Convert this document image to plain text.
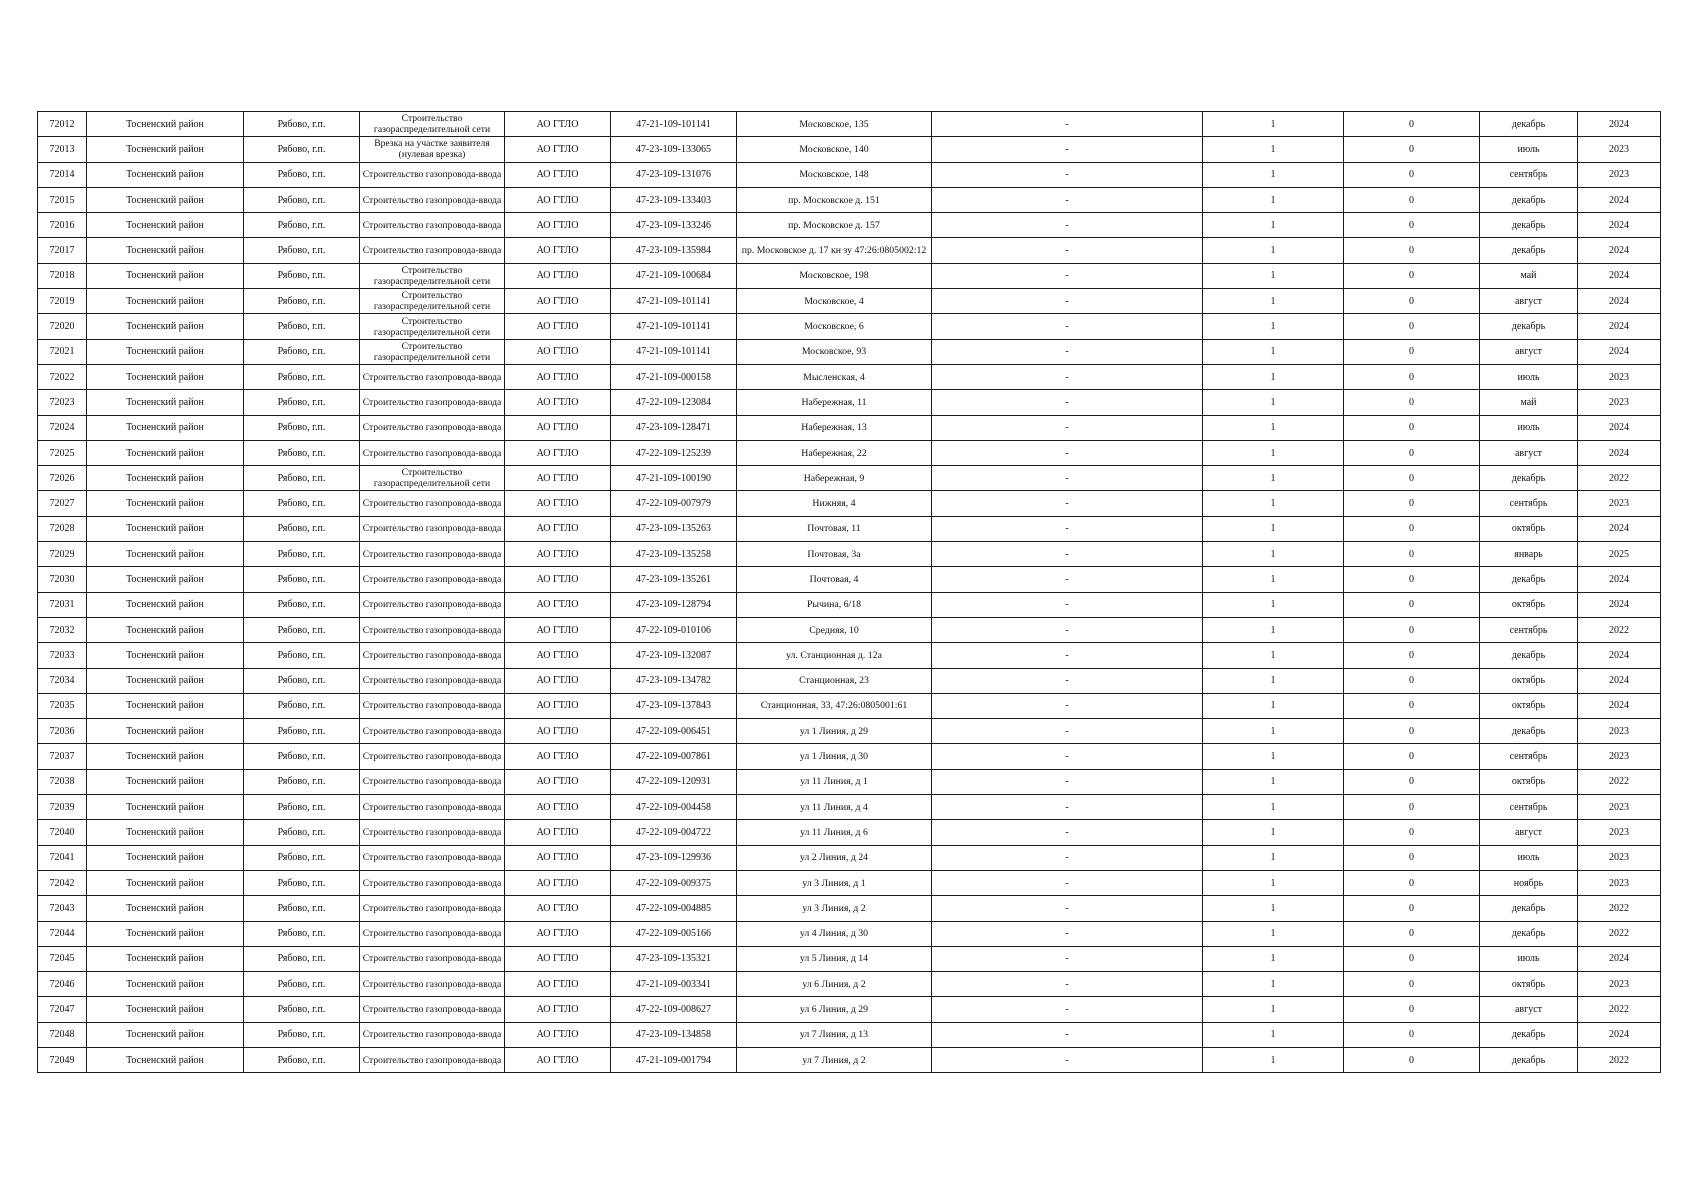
72012	Тосненский район	Рябово, г.п.	Строительство газораспределительной сети	АО ГТЛО	47-21-109-101141	Московское, 135	-	1	0	декабрь	2024
72013	Тосненский район	Рябово, г.п.	Врезка на участке заявителя (нулевая врезка)	АО ГТЛО	47-23-109-133065	Московское, 140	-	1	0	июль	2023
72014	Тосненский район	Рябово, г.п.	Строительство газопровода-ввода	АО ГТЛО	47-23-109-131076	Московское, 148	-	1	0	сентябрь	2023
72015	Тосненский район	Рябово, г.п.	Строительство газопровода-ввода	АО ГТЛО	47-23-109-133403	пр. Московское д. 151	-	1	0	декабрь	2024
72016	Тосненский район	Рябово, г.п.	Строительство газопровода-ввода	АО ГТЛО	47-23-109-133246	пр. Московское д. 157	-	1	0	декабрь	2024
72017	Тосненский район	Рябово, г.п.	Строительство газопровода-ввода	АО ГТЛО	47-23-109-135984	пр. Московское д. 17 кн зу 47:26:0805002:12	-	1	0	декабрь	2024
72018	Тосненский район	Рябово, г.п.	Строительство газораспределительной сети	АО ГТЛО	47-21-109-100684	Московское, 198	-	1	0	май	2024
72019	Тосненский район	Рябово, г.п.	Строительство газораспределительной сети	АО ГТЛО	47-21-109-101141	Московское, 4	-	1	0	август	2024
72020	Тосненский район	Рябово, г.п.	Строительство газораспределительной сети	АО ГТЛО	47-21-109-101141	Московское, 6	-	1	0	декабрь	2024
72021	Тосненский район	Рябово, г.п.	Строительство газораспределительной сети	АО ГТЛО	47-21-109-101141	Московское, 93	-	1	0	август	2024
72022	Тосненский район	Рябово, г.п.	Строительство газопровода-ввода	АО ГТЛО	47-21-109-000158	Мысленская, 4	-	1	0	июль	2023
72023	Тосненский район	Рябово, г.п.	Строительство газопровода-ввода	АО ГТЛО	47-22-109-123084	Набережная, 11	-	1	0	май	2023
72024	Тосненский район	Рябово, г.п.	Строительство газопровода-ввода	АО ГТЛО	47-23-109-128471	Набережная, 13	-	1	0	июль	2024
72025	Тосненский район	Рябово, г.п.	Строительство газопровода-ввода	АО ГТЛО	47-22-109-125239	Набережная, 22	-	1	0	август	2024
72026	Тосненский район	Рябово, г.п.	Строительство газораспределительной сети	АО ГТЛО	47-21-109-100190	Набережная, 9	-	1	0	декабрь	2022
72027	Тосненский район	Рябово, г.п.	Строительство газопровода-ввода	АО ГТЛО	47-22-109-007979	Нижняя, 4	-	1	0	сентябрь	2023
72028	Тосненский район	Рябово, г.п.	Строительство газопровода-ввода	АО ГТЛО	47-23-109-135263	Почтовая, 11	-	1	0	октябрь	2024
72029	Тосненский район	Рябово, г.п.	Строительство газопровода-ввода	АО ГТЛО	47-23-109-135258	Почтовая, 3а	-	1	0	январь	2025
72030	Тосненский район	Рябово, г.п.	Строительство газопровода-ввода	АО ГТЛО	47-23-109-135261	Почтовая, 4	-	1	0	декабрь	2024
72031	Тосненский район	Рябово, г.п.	Строительство газопровода-ввода	АО ГТЛО	47-23-109-128794	Рычина, 6/18	-	1	0	октябрь	2024
72032	Тосненский район	Рябово, г.п.	Строительство газопровода-ввода	АО ГТЛО	47-22-109-010106	Средняя, 10	-	1	0	сентябрь	2022
72033	Тосненский район	Рябово, г.п.	Строительство газопровода-ввода	АО ГТЛО	47-23-109-132087	ул. Станционная д. 12а	-	1	0	декабрь	2024
72034	Тосненский район	Рябово, г.п.	Строительство газопровода-ввода	АО ГТЛО	47-23-109-134782	Станционная, 23	-	1	0	октябрь	2024
72035	Тосненский район	Рябово, г.п.	Строительство газопровода-ввода	АО ГТЛО	47-23-109-137843	Станционная, 33, 47:26:0805001:61	-	1	0	октябрь	2024
72036	Тосненский район	Рябово, г.п.	Строительство газопровода-ввода	АО ГТЛО	47-22-109-006451	ул 1 Линия, д 29	-	1	0	декабрь	2023
72037	Тосненский район	Рябово, г.п.	Строительство газопровода-ввода	АО ГТЛО	47-22-109-007861	ул 1 Линия, д 30	-	1	0	сентябрь	2023
72038	Тосненский район	Рябово, г.п.	Строительство газопровода-ввода	АО ГТЛО	47-22-109-120931	ул 11 Линия, д 1	-	1	0	октябрь	2022
72039	Тосненский район	Рябово, г.п.	Строительство газопровода-ввода	АО ГТЛО	47-22-109-004458	ул 11 Линия, д 4	-	1	0	сентябрь	2023
72040	Тосненский район	Рябово, г.п.	Строительство газопровода-ввода	АО ГТЛО	47-22-109-004722	ул 11 Линия, д 6	-	1	0	август	2023
72041	Тосненский район	Рябово, г.п.	Строительство газопровода-ввода	АО ГТЛО	47-23-109-129936	ул 2 Линия, д 24	-	1	0	июль	2023
72042	Тосненский район	Рябово, г.п.	Строительство газопровода-ввода	АО ГТЛО	47-22-109-009375	ул 3 Линия, д 1	-	1	0	ноябрь	2023
72043	Тосненский район	Рябово, г.п.	Строительство газопровода-ввода	АО ГТЛО	47-22-109-004885	ул 3 Линия, д 2	-	1	0	декабрь	2022
72044	Тосненский район	Рябово, г.п.	Строительство газопровода-ввода	АО ГТЛО	47-22-109-005166	ул 4 Линия, д 30	-	1	0	декабрь	2022
72045	Тосненский район	Рябово, г.п.	Строительство газопровода-ввода	АО ГТЛО	47-23-109-135321	ул 5 Линия, д 14	-	1	0	июль	2024
72046	Тосненский район	Рябово, г.п.	Строительство газопровода-ввода	АО ГТЛО	47-21-109-003341	ул 6 Линия, д 2	-	1	0	октябрь	2023
72047	Тосненский район	Рябово, г.п.	Строительство газопровода-ввода	АО ГТЛО	47-22-109-008627	ул 6 Линия, д 29	-	1	0	август	2022
72048	Тосненский район	Рябово, г.п.	Строительство газопровода-ввода	АО ГТЛО	47-23-109-134858	ул 7 Линия, д 13	-	1	0	декабрь	2024
72049	Тосненский район	Рябово, г.п.	Строительство газопровода-ввода	АО ГТЛО	47-21-109-001794	ул 7 Линия, д 2	-	1	0	декабрь	2022
